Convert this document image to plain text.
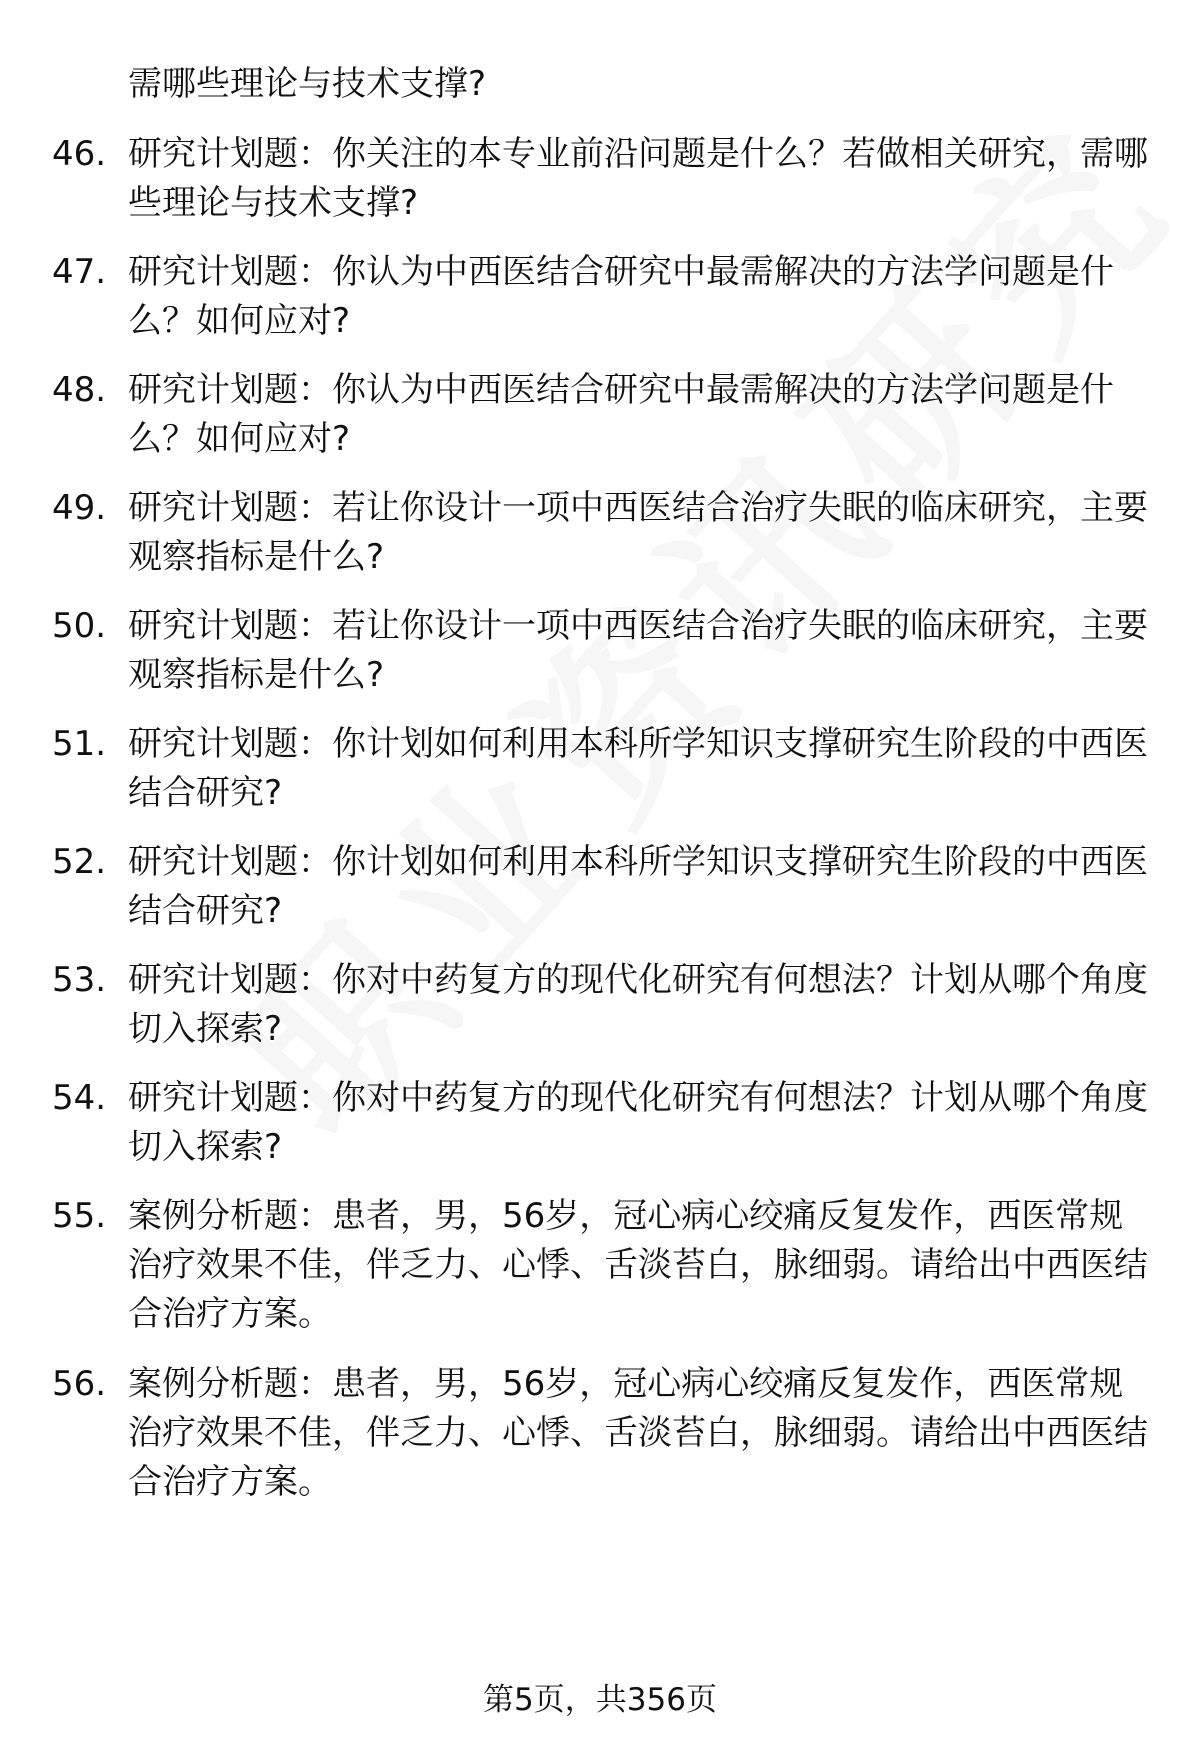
需哪些理论与技术支撑?

46. 研究计划题：你关注的本专业前沿问题是什么？若做相关研究，需哪些理论与技术支撑?
47. 研究计划题：你认为中西医结合研究中最需解决的方法学问题是什么？如何应对?
48. 研究计划题：你认为中西医结合研究中最需解决的方法学问题是什么？如何应对?
49. 研究计划题：若让你设计一项中西医结合治疗失眠的临床研究，主要观察指标是什么?
50. 研究计划题：若让你设计一项中西医结合治疗失眠的临床研究，主要观察指标是什么?
51. 研究计划题：你计划如何利用本科所学知识支撑研究生阶段的中西医结合研究?
52. 研究计划题：你计划如何利用本科所学知识支撑研究生阶段的中西医结合研究?
53. 研究计划题：你对中药复方的现代化研究有何想法？计划从哪个角度切入探索?
54. 研究计划题：你对中药复方的现代化研究有何想法？计划从哪个角度切入探索?
55. 案例分析题：患者，男，56岁，冠心病心绞痛反复发作，西医常规治疗效果不佳，伴乏力、心悸、舌淡苔白，脉细弱。请给出中西医结合治疗方案。
56. 案例分析题：患者，男，56岁，冠心病心绞痛反复发作，西医常规治疗效果不佳，伴乏力、心悸、舌淡苔白，脉细弱。请给出中西医结合治疗方案。
第5页，共356页
